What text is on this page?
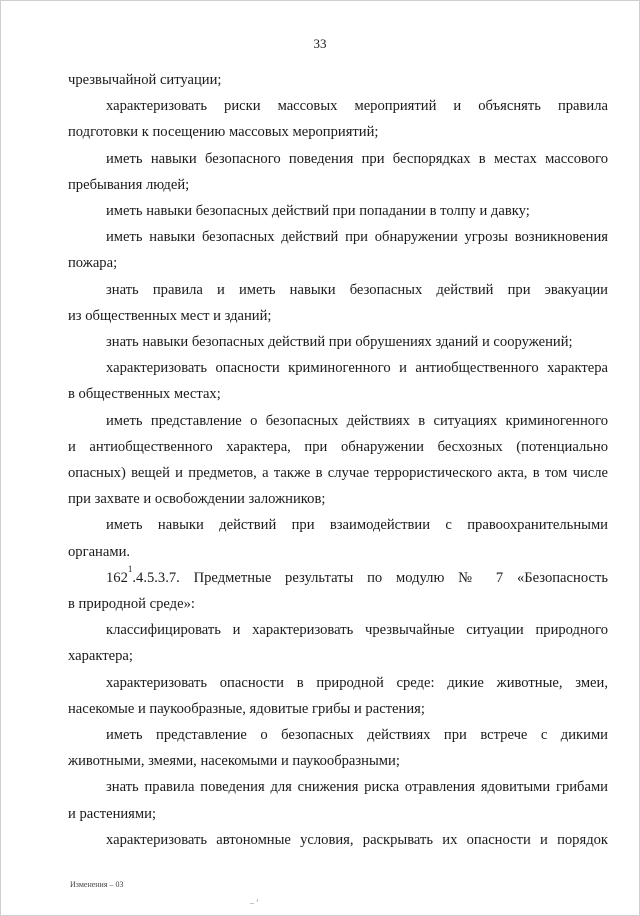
33
чрезвычайной ситуации;
характеризовать риски массовых мероприятий и объяснять правила
подготовки к посещению массовых мероприятий;
иметь навыки безопасного поведения при беспорядках в местах массового
пребывания людей;
иметь навыки безопасных действий при попадании в толпу и давку;
иметь навыки безопасных действий при обнаружении угрозы возникновения
пожара;
знать правила и иметь навыки безопасных действий при эвакуации
из общественных мест и зданий;
знать навыки безопасных действий при обрушениях зданий и сооружений;
характеризовать опасности криминогенного и антиобщественного характера
в общественных местах;
иметь представление о безопасных действиях в ситуациях криминогенного
и антиобщественного характера, при обнаружении бесхозных (потенциально
опасных) вещей и предметов, а также в случае террористического акта, в том числе
при захвате и освобождении заложников;
иметь навыки действий при взаимодействии с правоохранительными
органами.
$162^1.4.5.3.7$. Предметные результаты по модулю № 7 «Безопасность
в природной среде»:
классифицировать и характеризовать чрезвычайные ситуации природного
характера;
характеризовать опасности в природной среде: дикие животные, змеи,
насекомые и паукообразные, ядовитые грибы и растения;
иметь представление о безопасных действиях при встрече с дикими
животными, змеями, насекомыми и паукообразными;
знать правила поведения для снижения риска отравления ядовитыми грибами
и растениями;
характеризовать автономные условия, раскрывать их опасности и порядок
Изменения – 03
‒ ’
